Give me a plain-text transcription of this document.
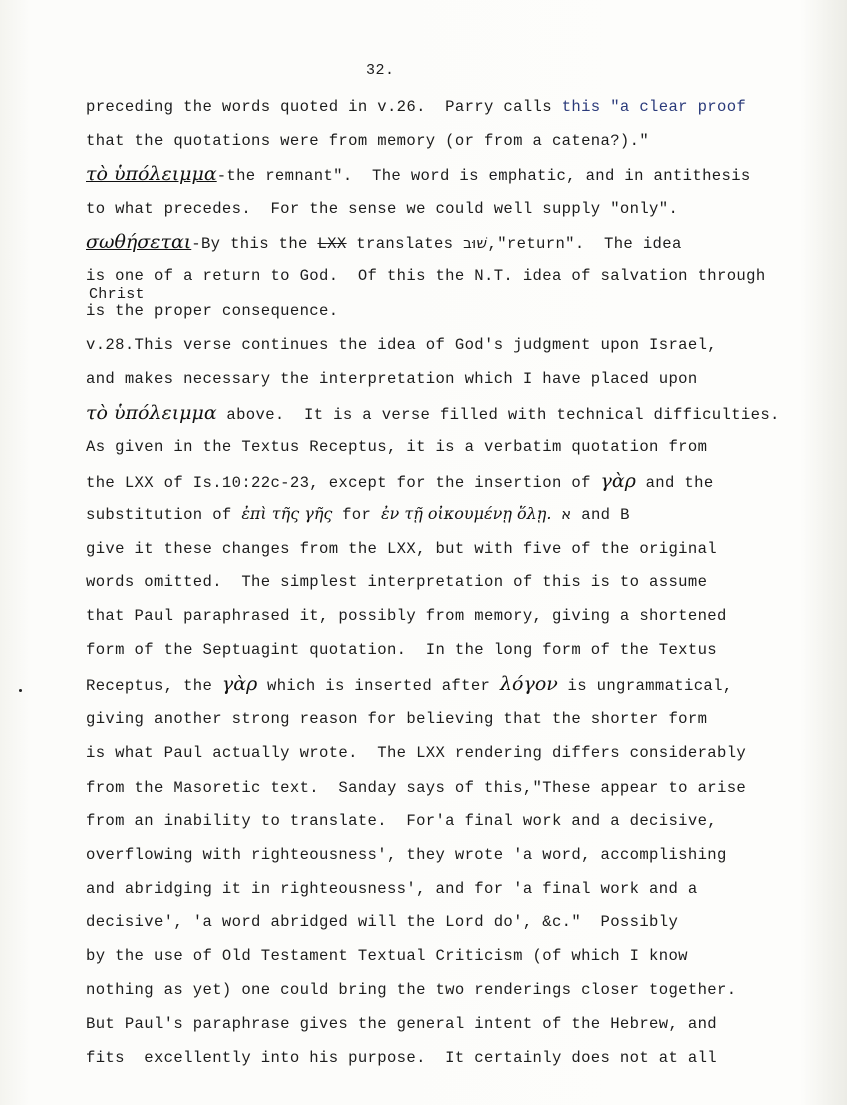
32.
preceding the words quoted in v.26.  Parry calls this "a clear proof
that the quotations were from memory (or from a catena?)."
τὸ ὑπόλειμμα-the remnant".  The word is emphatic, and in antithesis
to what precedes.  For the sense we could well supply "only".
σωθήσεται-By this the LXX translates שׁוּב,"return".  The idea
is one of a return to God.  Of this the N.T. idea of salvation through
Christ
is the proper consequence.
v.28.This verse continues the idea of God's judgment upon Israel,
and makes necessary the interpretation which I have placed upon
τὸ ὑπόλειμμα above.  It is a verse filled with technical difficulties.
As given in the Textus Receptus, it is a verbatim quotation from
the LXX of Is.10:22c-23, except for the insertion of γὰρ and the
substitution of ἐπὶ τῆς γῆς for ἐν τῇ οἰκουμένῃ ὅλῃ. א and B
give it these changes from the LXX, but with five of the original
words omitted.  The simplest interpretation of this is to assume
that Paul paraphrased it, possibly from memory, giving a shortened
form of the Septuagint quotation.  In the long form of the Textus
Receptus, the γὰρ which is inserted after λόγον is ungrammatical,
giving another strong reason for believing that the shorter form
is what Paul actually wrote.  The LXX rendering differs considerably
from the Masoretic text.  Sanday says of this,"These appear to arise
from an inability to translate.  For'a final work and a decisive,
overflowing with righteousness', they wrote 'a word, accomplishing
and abridging it in righteousness', and for 'a final work and a
decisive', 'a word abridged will the Lord do', &c."  Possibly
by the use of Old Testament Textual Criticism (of which I know
nothing as yet) one could bring the two renderings closer together.
But Paul's paraphrase gives the general intent of the Hebrew, and
fits  excellently into his purpose.  It certainly does not at all
